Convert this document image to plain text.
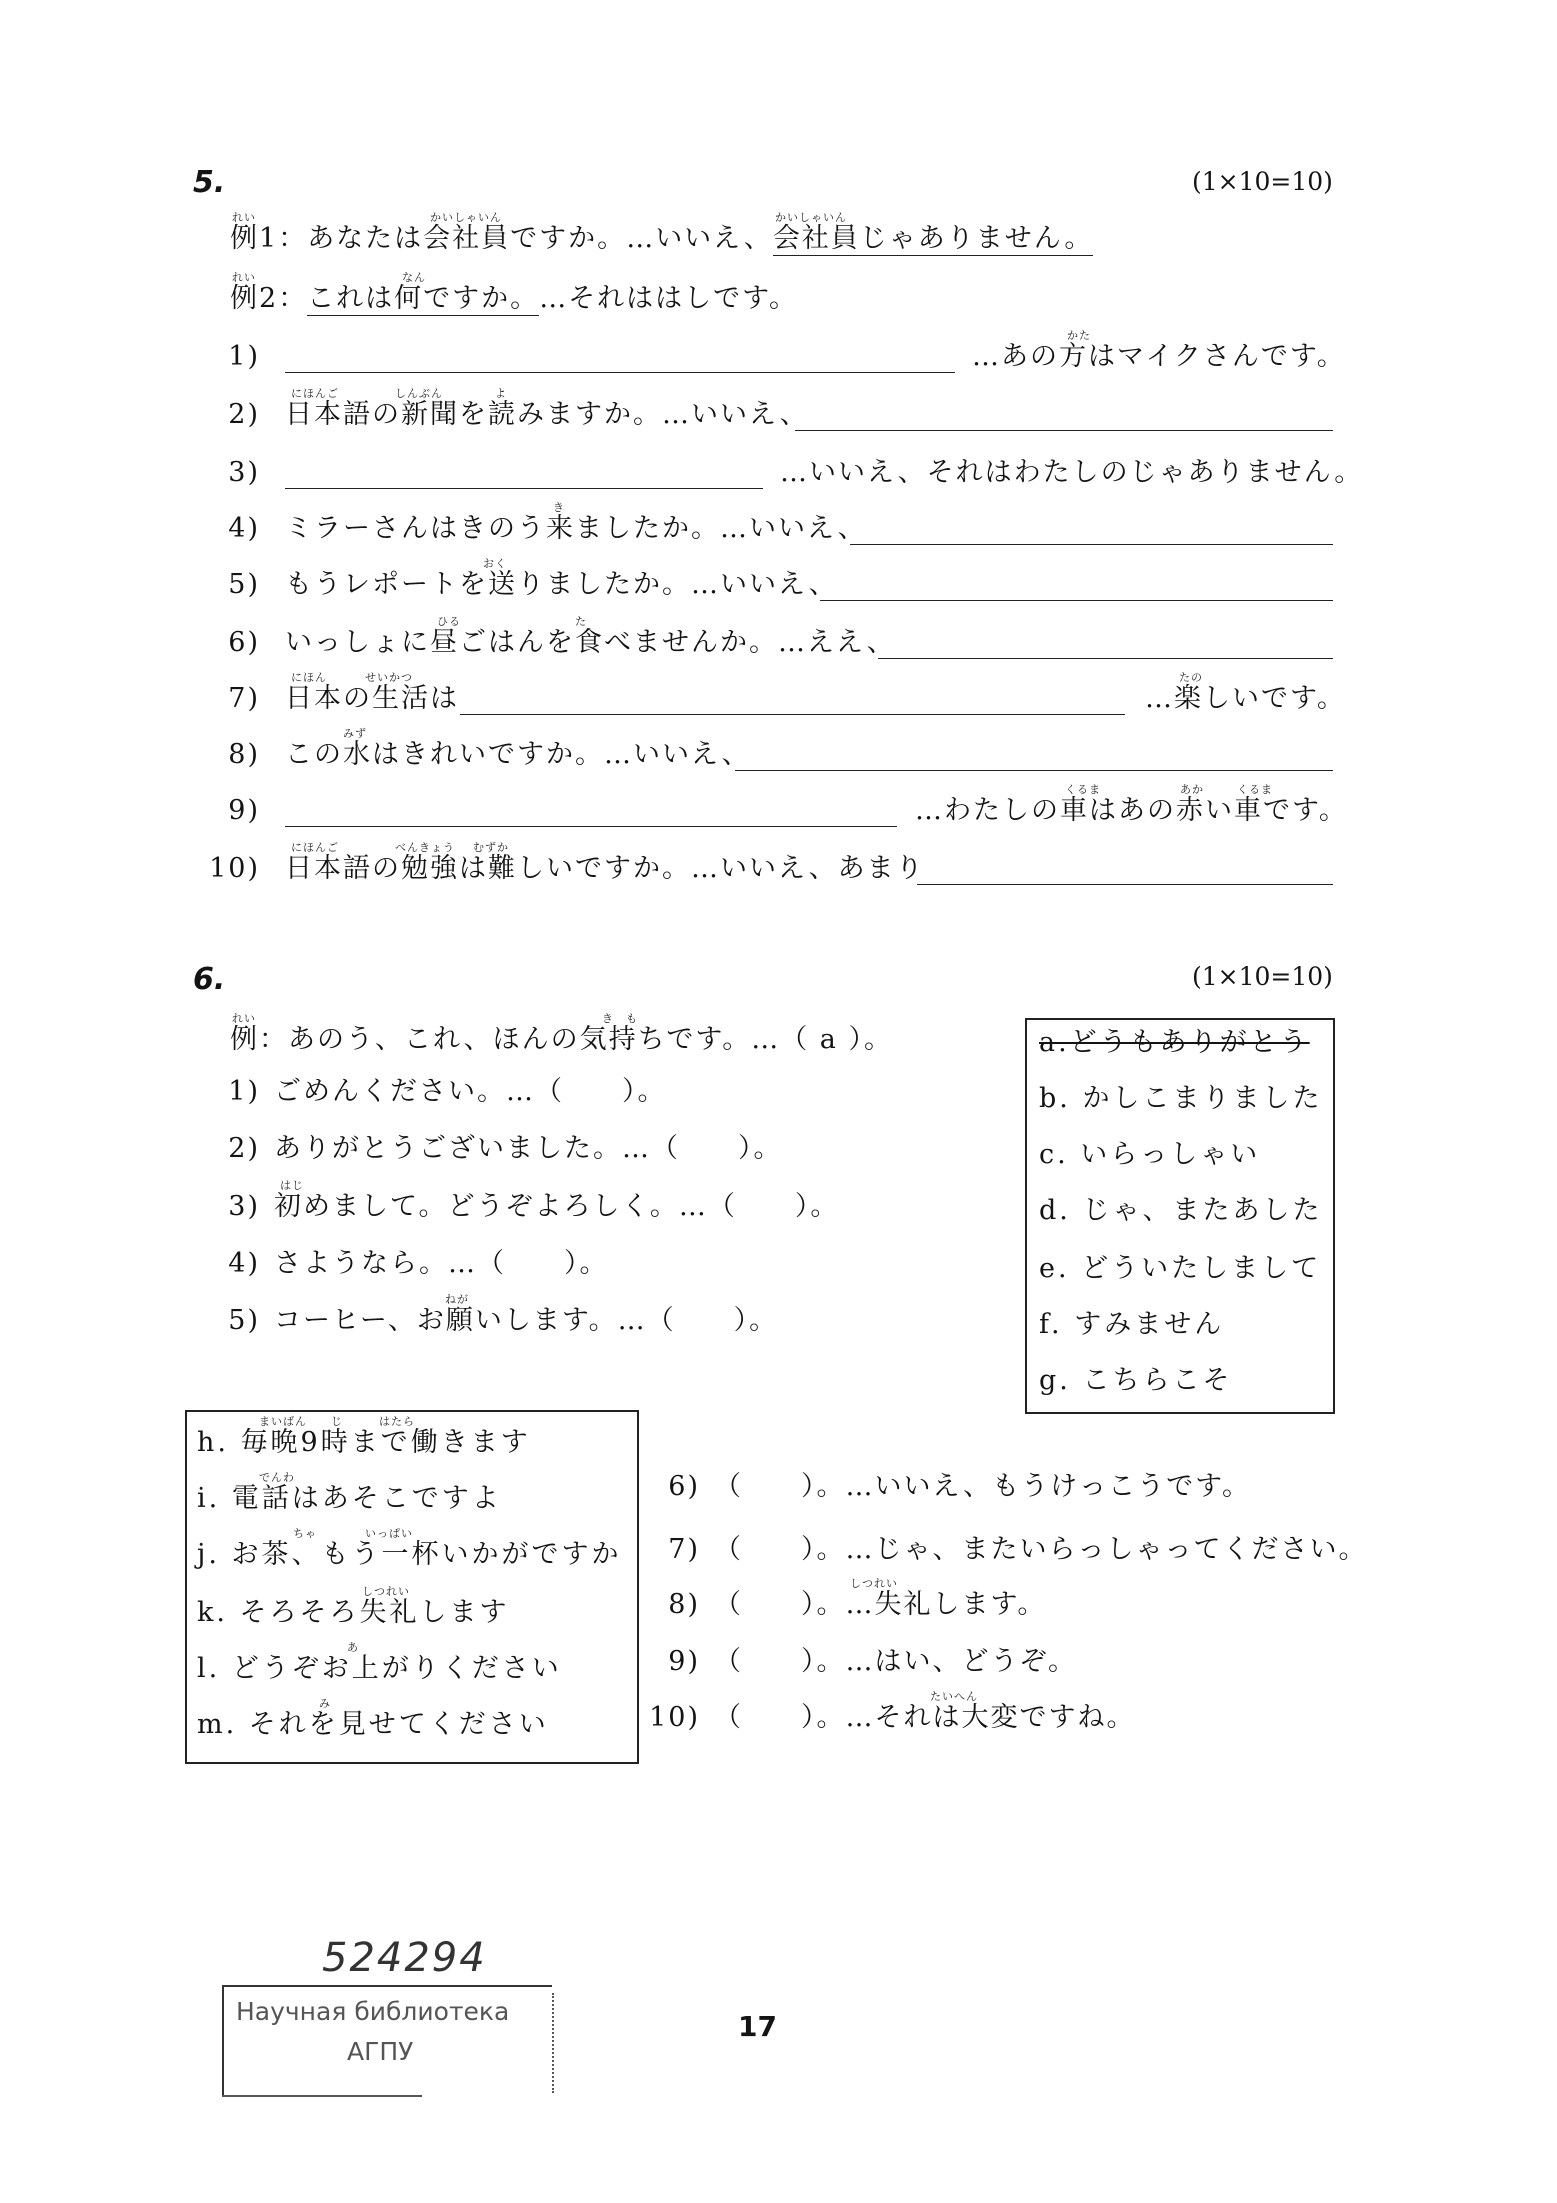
5.	(1×10=10)
れい	かいしゃいん	かいしゃいん
例1：あなたは会社員ですか。…いいえ、会社員じゃありません。
れい	なん
例2：これは何ですか。…それははしです。
1)
かた
…あの方はマイクさんです。
2)
にほんご	しんぶん	よ
日本語の新聞を読みますか。…いいえ、
3)	…いいえ、それはわたしのじゃありません。
4)
き
ミラーさんはきのう来ましたか。…いいえ、
5)
おく
もうレポートを送りましたか。…いいえ、
6)
ひる	た
いっしょに昼ごはんを食べませんか。…ええ、
7)
にほん	せいかつ
日本の生活は
たの
…楽しいです。
8)
みず
この水はきれいですか。…いいえ、
9)
くるま	あか	くるま
…わたしの車はあの赤い車です。
10)
にほんご	べんきょう むずか
日本語の勉強は難しいですか。…いいえ、あまり
6.	(1×10=10)
れい	き　も
例：あのう、これ、ほんの気持ちです。…（ a ）。
1) ごめんください。…（　　）。
2) ありがとうございました。…（　　）。
はじ
3) 初めまして。どうぞよろしく。…（　　）。
4) さようなら。…（　　）。
ねが
5) コーヒー、お願いします。…（　　）。
a.どうもありがとう
b. かしこまりました
c. いらっしゃい
d. じゃ、またあした
e. どういたしまして
f. すみません
g. こちらこそ
まいばん　　じ　　　はたら
h. 毎晩9時まで働きます
でんわ
i. 電話はあそこですよ
ちゃ　　　　いっぱい
j. お茶、もう一杯いかがですか
しつれい
k. そろそろ失礼します
あ
l. どうぞお上がりください
み
m. それを見せてください
6) （　　）。…いいえ、もうけっこうです。
7) （　　）。…じゃ、またいらっしゃってください。
しつれい
8) （　　）。…失礼します。
9) （　　）。…はい、どうぞ。
たいへん
10) （　　）。…それは大変ですね。
524294
Научная библиотека
АГПУ
17
